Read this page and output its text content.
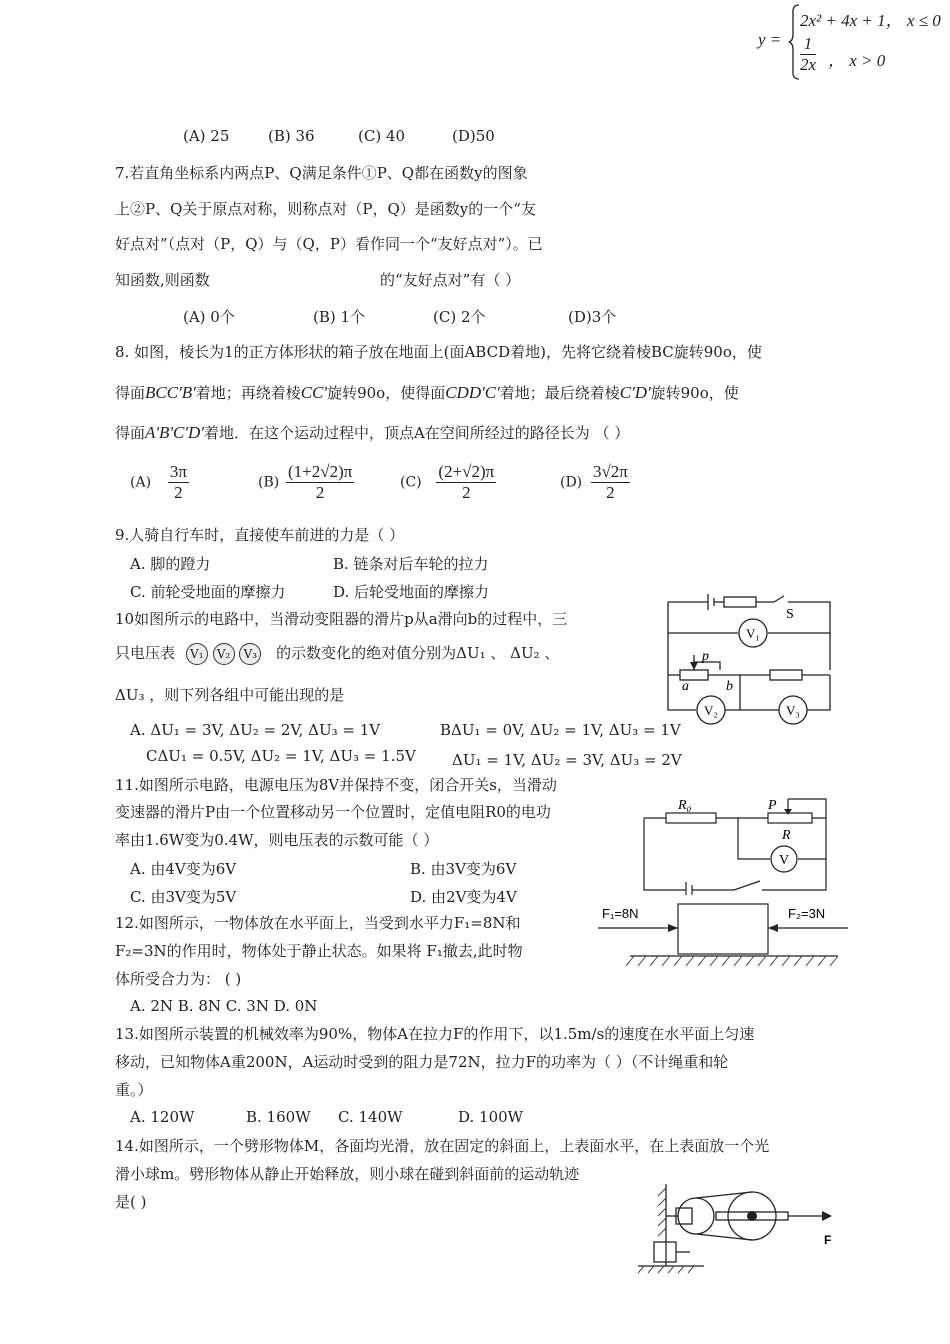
y =
2x² + 4x + 1， x ≤ 0
$\frac{1}{2x}$ ， x > 0
(A) 25	(B) 36	(C) 40	(D)50
7.若直角坐标系内两点P、Q满足条件①P、Q都在函数y的图象
上②P、Q关于原点对称，则称点对（P，Q）是函数y的一个“友
好点对”（点对（P，Q）与（Q，P）看作同一个“友好点对”）。已
知函数,则函数	的“友好点对”有（ ）
(A) 0个	(B) 1个	(C) 2个	(D)3个
8. 如图，棱长为1的正方体形状的箱子放在地面上(面ABCD着地)，先将它绕着棱BC旋转90o，使
得面BCC'B'着地；再绕着棱CC'旋转90o，使得面CDD'C'着地；最后绕着棱C'D'旋转90o，使
得面A'B'C'D'着地．在这个运动过程中，顶点A在空间所经过的路径长为 （ ）
$(A) \frac{3\pi}{2}$	$(B) \frac{(1+2√2)\pi}{2}$	$(C) \frac{(2+√2)\pi}{2}$	$(D) \frac{3√2\pi}{2}$
9.人骑自行车时，直接使车前进的力是（ ）
A. 脚的蹬力	B. 链条对后车轮的拉力
C. 前轮受地面的摩擦力	D. 后轮受地面的摩擦力
10如图所示的电路中，当滑动变阻器的滑片p从a滑向b的过程中，三
只电压表 V₁ V₂ V₃ 的示数变化的绝对值分别为ΔU₁ 、 ΔU₂ 、
ΔU₃ ，则下列各组中可能出现的是
A. ΔU₁ = 3V, ΔU₂ = 2V, ΔU₃ = 1V	BΔU₁ = 0V, ΔU₂ = 1V, ΔU₃ = 1V
CΔU₁ = 0.5V, ΔU₂ = 1V, ΔU₃ = 1.5V ΔU₁ = 1V, ΔU₂ = 3V, ΔU₃ = 2V
S
V₁
V₂	V₃
p
a	b
11.如图所示电路，电源电压为8V并保持不变，闭合开关s，当滑动
变速器的滑片P由一个位置移动另一个位置时，定值电阻R0的电功
率由1.6W变为0.4W，则电压表的示数可能（ ）
A. 由4V变为6V	B. 由3V变为6V
C. 由3V变为5V	D. 由2V变为4V
R₀	P
R
V
12.如图所示，一物体放在水平面上，当受到水平力F₁=8N和
F₂=3N的作用时，物体处于静止状态。如果将 F₁撤去,此时物
体所受合力为： ( )
A. 2N B. 8N C. 3N D. 0N
F₁=8N	F₂=3N
13.如图所示装置的机械效率为90%，物体A在拉力F的作用下，以1.5m/s的速度在水平面上匀速
移动，已知物体A重200N，A运动时受到的阻力是72N，拉力F的功率为（ ）（不计绳重和轮
重。）
A. 120W	B. 160W C. 140W	D. 100W
14.如图所示，一个劈形物体M，各面均光滑，放在固定的斜面上，上表面水平，在上表面放一个光
滑小球m。劈形物体从静止开始释放，则小球在碰到斜面前的运动轨迹
是( )
F
